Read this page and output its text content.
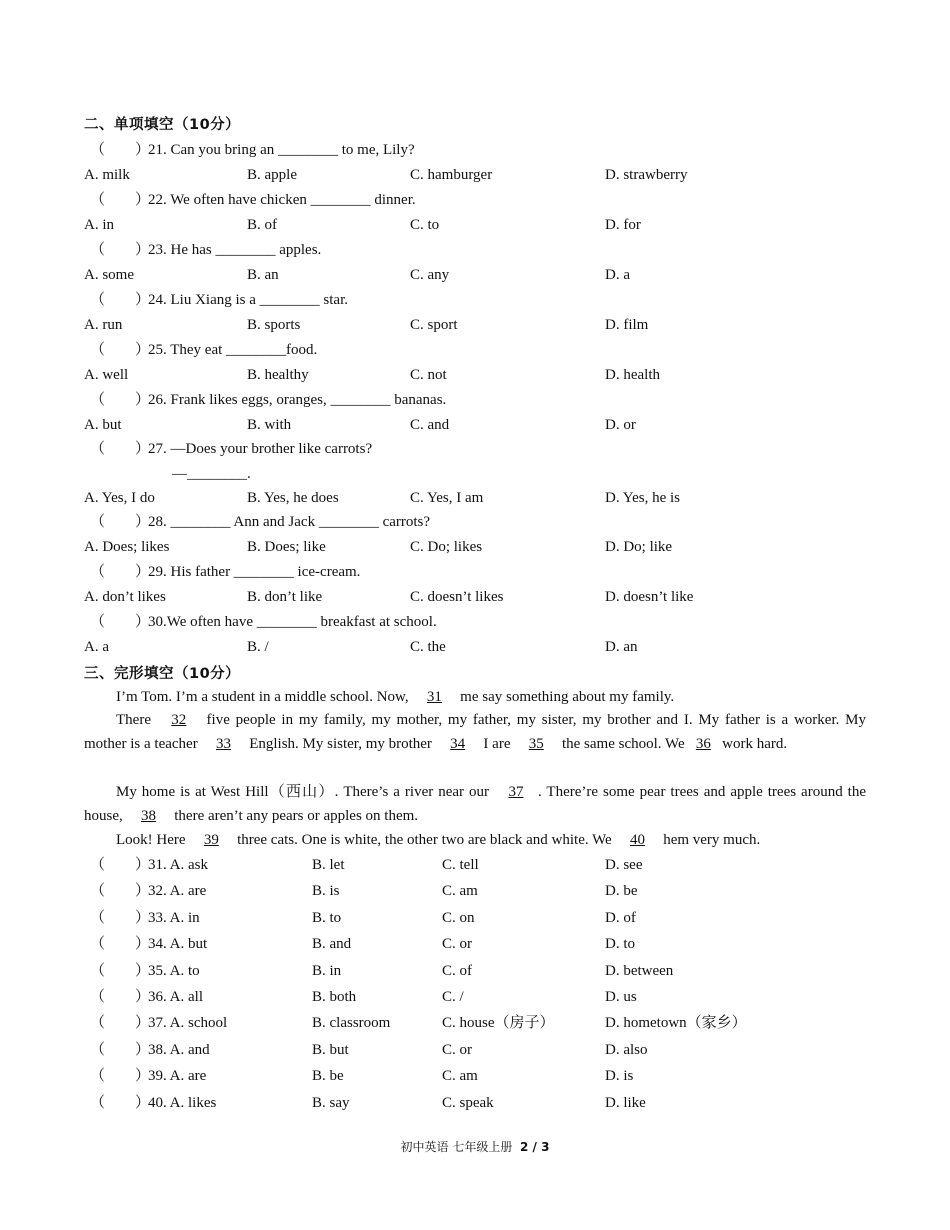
二、单项填空（10分）
（　　）
21. Can you bring an ________ to me, Lily?
A. milk	B. apple	C. hamburger	D. strawberry
（　　）
22. We often have chicken ________ dinner.
A. in	B. of	C. to	D. for
（　　）
23. He has ________ apples.
A. some	B. an	C. any	D. a
（　　）
24. Liu Xiang is a ________ star.
A. run	B. sports	C. sport	D. film
（　　）
25. They eat ________food.
A. well	B. healthy	C. not	D. health
（　　）
26. Frank likes eggs, oranges, ________ bananas.
A. but	B. with	C. and	D. or
（　　）
27. —Does your brother like carrots?
—________.
A. Yes, I do	B. Yes, he does	C. Yes, I am	D. Yes, he is
（　　）
28. ________ Ann and Jack ________ carrots?
A. Does; likes	B. Does; like	C. Do; likes	D. Do; like
（　　）
29. His father ________ ice-cream.
A. don’t likes	B. don’t like	C. doesn’t likes	D. doesn’t like
（　　）
30.We often have ________ breakfast at school.
A. a	B. /	C. the	D. an
三、完形填空（10分）
I’m Tom. I’m a student in a middle school. Now, 31 me say something about my family.
There 32 five people in my family, my mother, my father, my sister, my brother and I. My father is a worker. My mother is a teacher 33 English. My sister, my brother 34 I are 35 the same school. We 36 work hard.
My home is at West Hill（西山）. There’s a river near our 37 . There’re some pear trees and apple trees around the house, 38 there aren’t any pears or apples on them.
Look! Here 39 three cats. One is white, the other two are black and white. We 40 hem very much.
（　　）
31. A. ask	B. let	C. tell	D. see
（　　）
32. A. are	B. is	C. am	D. be
（　　）
33. A. in	B. to	C. on	D. of
（　　）
34. A. but	B. and	C. or	D. to
（　　）
35. A. to	B. in	C. of	D. between
（　　）
36. A. all	B. both	C. /	D. us
（　　）
37. A. school	B. classroom	C. house（房子）	D. hometown（家乡）
（　　）
38. A. and	B. but	C. or	D. also
（　　）
39. A. are	B. be	C. am	D. is
（　　）
40. A. likes	B. say	C. speak	D. like
初中英语 七年级上册 2 / 3
